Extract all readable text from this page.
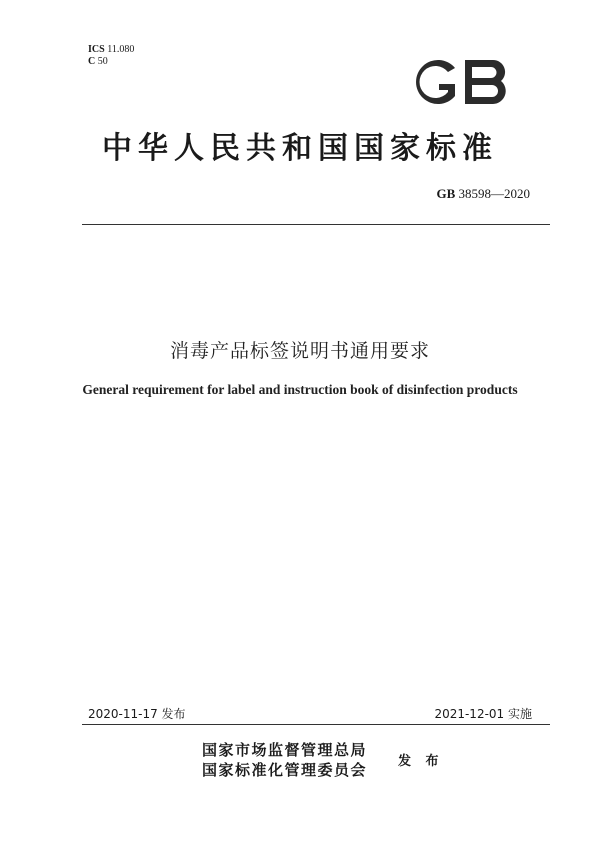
ICS 11.080
C 50
中华人民共和国国家标准
GB 38598—2020
消毒产品标签说明书通用要求
General requirement for label and instruction book of disinfection products
2020-11-17 发布	2021-12-01 实施
国家市场监督管理总局
国家标准化管理委员会 发 布
